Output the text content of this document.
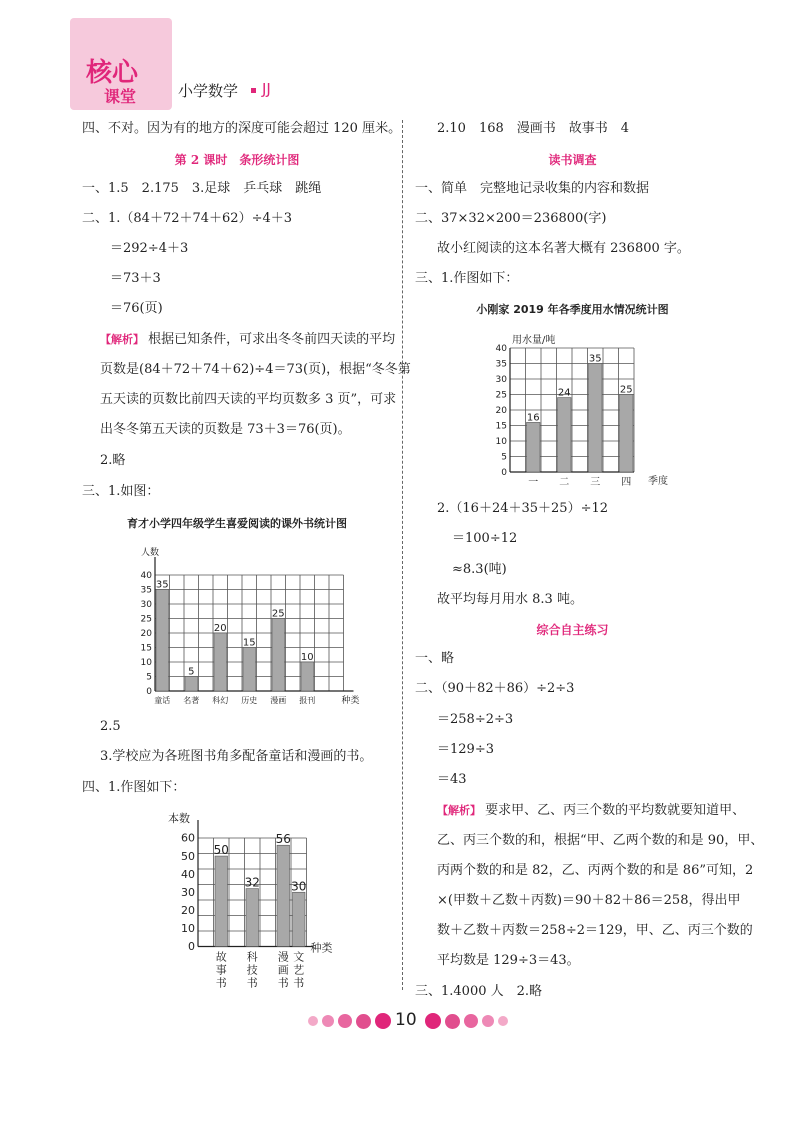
核心
课堂	小学数学 JJ
四、不对。因为有的地方的深度可能会超过 120 厘米。
第 2 课时　条形统计图
一、1.5　2.175　3.足球　乒乓球　跳绳
二、1.（84＋72＋74＋62）÷4＋3
＝292÷4＋3
＝73＋3
＝76(页)
【解析】 根据已知条件，可求出冬冬前四天读的平均
页数是(84＋72＋74＋62)÷4＝73(页)，根据“冬冬第
五天读的页数比前四天读的平均页数多 3 页”，可求
出冬冬第五天读的页数是 73＋3＝76(页)。
2.略
三、1.如图：
育才小学四年级学生喜爱阅读的课外书统计图
0
5
10
15
20
25
30
35
40
人数
种类
35
童话
5
名著
20
科幻
15
历史
25
漫画
10
报刊
2.5
3.学校应为各班图书角多配备童话和漫画的书。
四、1.作图如下：
0
10
20
30
40
50
60
本数
种类
50
故事书
32
科技书
56
漫画书
30
文艺书
2.10　168　漫画书　故事书　4
读书调查
一、简单　完整地记录收集的内容和数据
二、37×32×200＝236800(字)
故小红阅读的这本名著大概有 236800 字。
三、1.作图如下：
小刚家 2019 年各季度用水情况统计图
0
5
10
15
20
25
30
35
40
用水量/吨
季度
16
一
24
二
35
三
25
四
2.（16＋24＋35＋25）÷12
＝100÷12
≈8.3(吨)
故平均每月用水 8.3 吨。
综合自主练习
一、略
二、（90＋82＋86）÷2÷3
＝258÷2÷3
＝129÷3
＝43
【解析】 要求甲、乙、丙三个数的平均数就要知道甲、
乙、丙三个数的和，根据“甲、乙两个数的和是 90，甲、
丙两个数的和是 82，乙、丙两个数的和是 86”可知，2
×(甲数＋乙数＋丙数)＝90＋82＋86＝258，得出甲
数＋乙数＋丙数＝258÷2＝129，甲、乙、丙三个数的
平均数是 129÷3＝43。
三、1.4000 人　2.略
10
